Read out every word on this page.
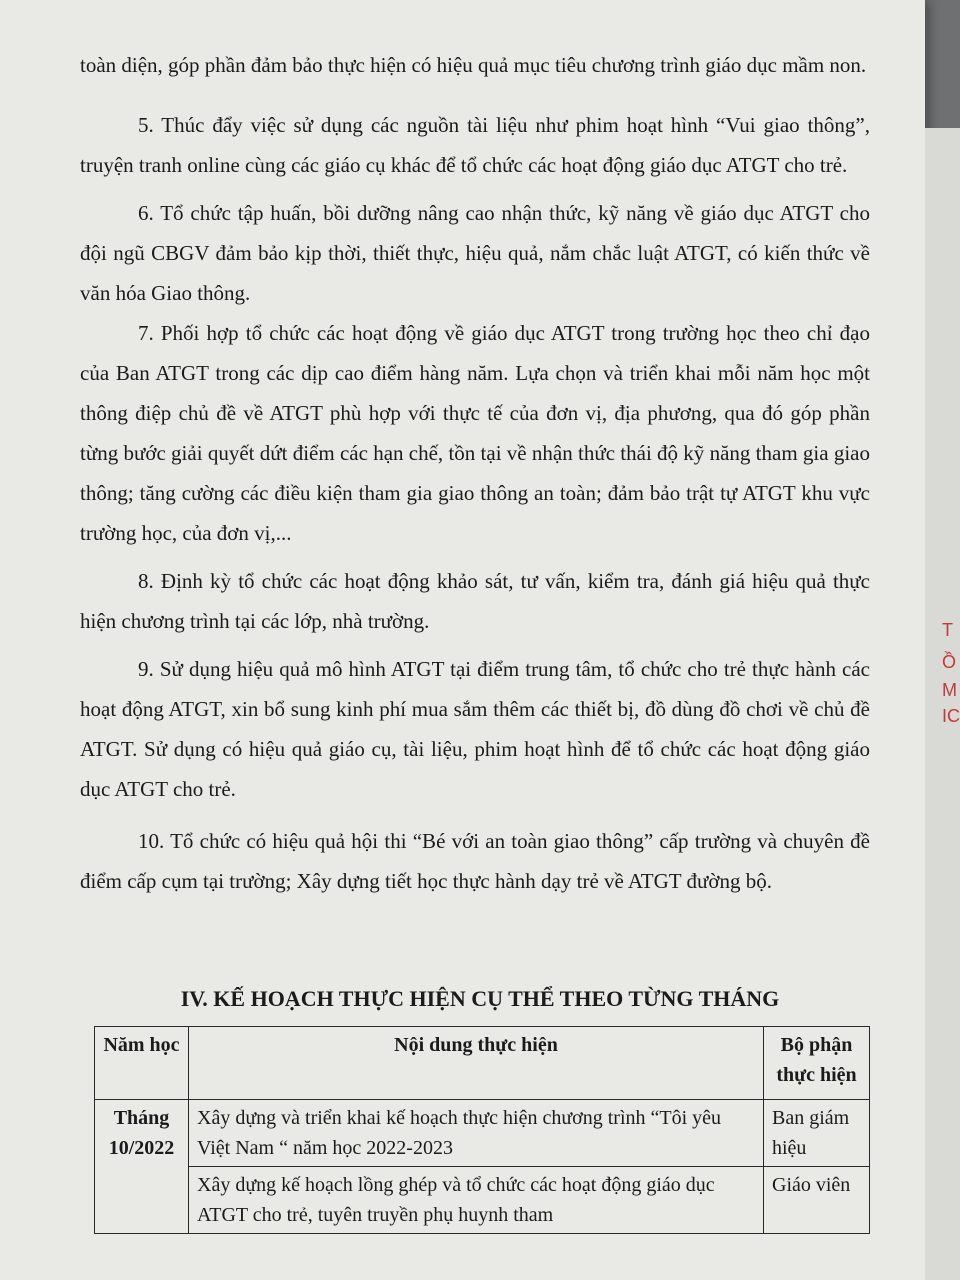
T
Ồ
M
IC

toàn diện, góp phần đảm bảo thực hiện có hiệu quả mục tiêu chương trình giáo dục mầm non.

5. Thúc đẩy việc sử dụng các nguồn tài liệu như phim hoạt hình “Vui giao thông”, truyện tranh online cùng các giáo cụ khác để tổ chức các hoạt động giáo dục ATGT cho trẻ.

6. Tổ chức tập huấn, bồi dưỡng nâng cao nhận thức, kỹ năng về giáo dục ATGT cho đội ngũ CBGV đảm bảo kịp thời, thiết thực, hiệu quả, nắm chắc luật ATGT, có kiến thức về văn hóa Giao thông.

7. Phối hợp tổ chức các hoạt động về giáo dục ATGT trong trường học theo chỉ đạo của Ban ATGT trong các dịp cao điểm hàng năm. Lựa chọn và triển khai mỗi năm học một thông điệp chủ đề về ATGT phù hợp với thực tế của đơn vị, địa phương, qua đó góp phần từng bước giải quyết dứt điểm các hạn chế, tồn tại về nhận thức thái độ kỹ năng tham gia giao thông; tăng cường các điều kiện tham gia giao thông an toàn; đảm bảo trật tự ATGT khu vực trường học, của đơn vị,...

8. Định kỳ tổ chức các hoạt động khảo sát, tư vấn, kiểm tra, đánh giá hiệu quả thực hiện chương trình tại các lớp, nhà trường.

9. Sử dụng hiệu quả mô hình ATGT tại điểm trung tâm, tổ chức cho trẻ thực hành các hoạt động ATGT, xin bổ sung kinh phí mua sắm thêm các thiết bị, đồ dùng đồ chơi về chủ đề ATGT. Sử dụng có hiệu quả giáo cụ, tài liệu, phim hoạt hình để tổ chức các hoạt động giáo dục ATGT cho trẻ.

10. Tổ chức có hiệu quả hội thi “Bé với an toàn giao thông” cấp trường và chuyên đề điểm cấp cụm tại trường; Xây dựng tiết học thực hành dạy trẻ về ATGT đường bộ.

IV. KẾ HOẠCH THỰC HIỆN CỤ THỂ THEO TỪNG THÁNG
Năm học	Nội dung thực hiện	Bộ phận thực hiện
Tháng 10/2022	Xây dựng và triển khai kế hoạch thực hiện chương trình “Tôi yêu Việt Nam “ năm học 2022-2023	Ban giám hiệu
	Xây dựng kế hoạch lồng ghép và tổ chức các hoạt động giáo dục ATGT cho trẻ, tuyên truyền phụ huynh tham	Giáo viên
